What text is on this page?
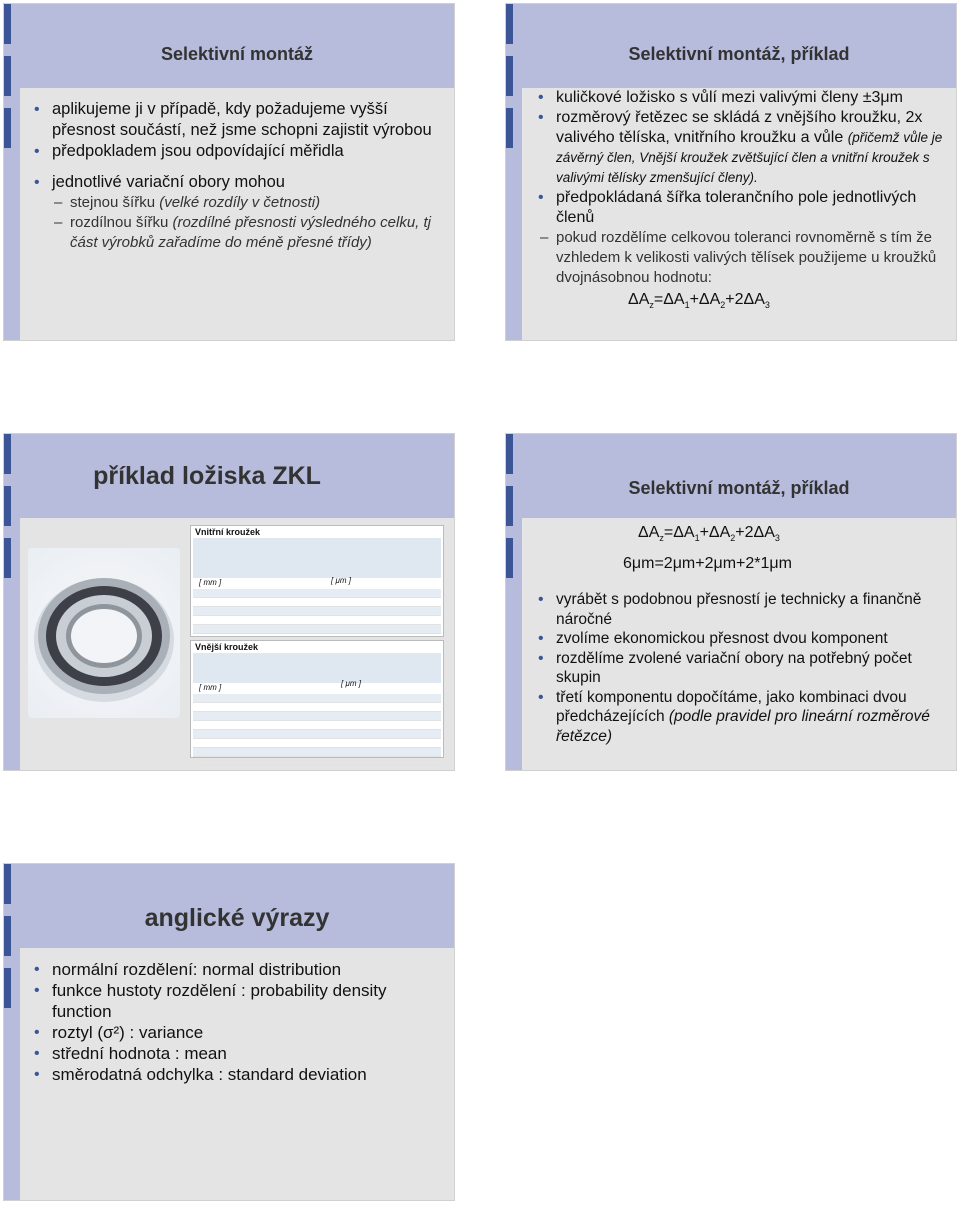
Selektivní montáž
• aplikujeme ji v případě, kdy požadujeme vyšší přesnost součástí, než jsme schopni zajistit výrobou
• předpokladem jsou odpovídající měřidla
• jednotlivé variační obory mohou
– stejnou šířku (velké rozdíly v četnosti)
– rozdílnou šířku (rozdílné přesnosti výsledného celku, tj část výrobků zařadíme do méně přesné třídy)
Selektivní montáž, příklad
• kuličkové ložisko s vůlí mezi valivými členy ±3μm
• rozměrový řetězec se skládá z vnějšího kroužku, 2x valivého tělíska, vnitřního kroužku a vůle (přičemž vůle je závěrný člen, Vnější kroužek zvětšující člen a vnitřní kroužek s valivými tělísky zmenšující členy).
• předpokládaná šířka tolerančního pole jednotlivých členů
– pokud rozdělíme celkovou toleranci rovnoměrně s tím že vzhledem k velikosti valivých tělísek použijeme u kroužků dvojnásobnou hodnotu:
$\Delta A_z=\Delta A_1+\Delta A_2+2\Delta A_3$
příklad ložiska ZKL
Vnitřní kroužek
[ mm ]	[ μm ]
Vnější kroužek
[ mm ]	[ μm ]
Selektivní montáž, příklad
$\Delta A_z=\Delta A_1+\Delta A_2+2\Delta A_3$
6μm=2μm+2μm+2*1μm
• vyrábět s podobnou přesností je technicky a finančně náročné
• zvolíme ekonomickou přesnost dvou komponent
• rozdělíme zvolené variační obory na potřebný počet skupin
• třetí komponentu dopočítáme, jako kombinaci dvou předcházejících (podle pravidel pro lineární rozměrové řetězce)
anglické výrazy
• normální rozdělení: normal distribution
• funkce hustoty rozdělení : probability density function
• roztyl (σ²) : variance
• střední hodnota : mean
• směrodatná odchylka : standard deviation
